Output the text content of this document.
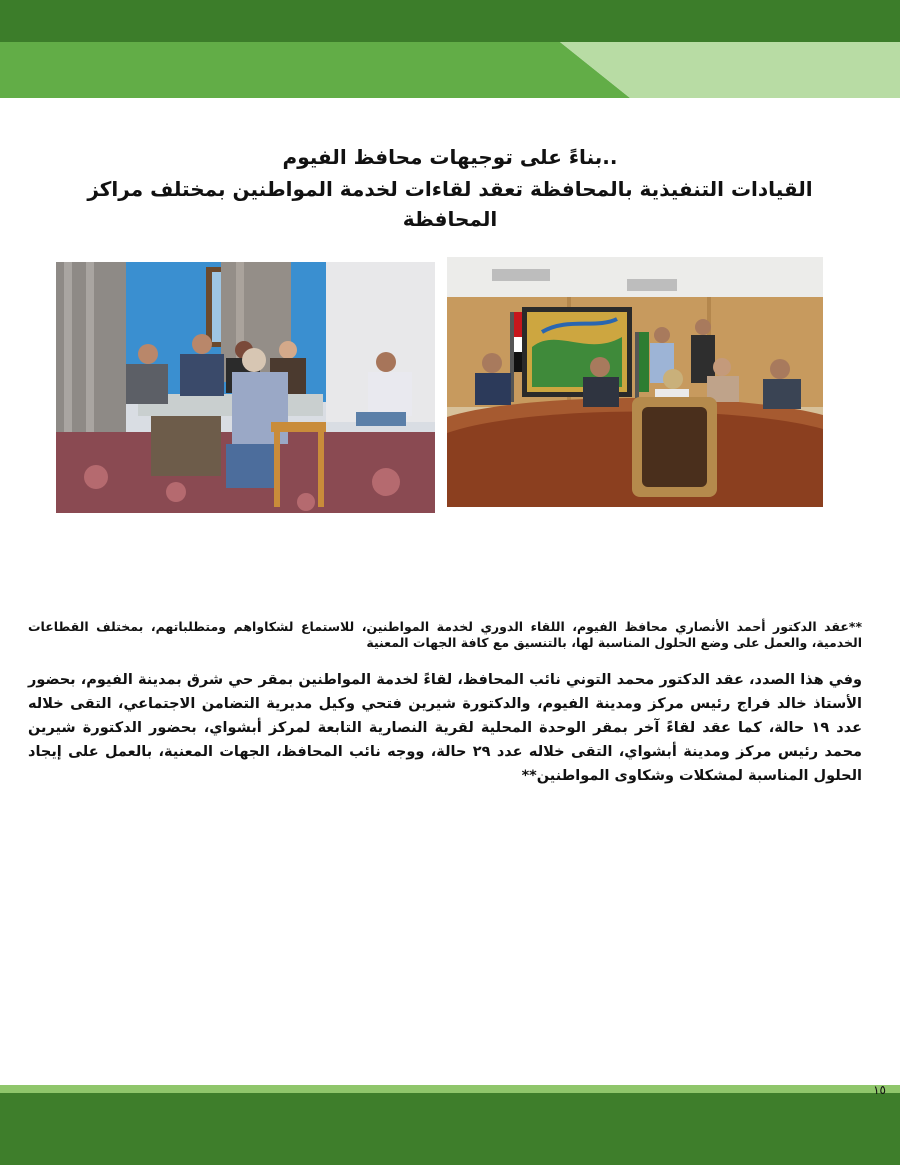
..بناءً على توجيهات محافظ الفيوم
القيادات التنفيذية بالمحافظة تعقد لقاءات لخدمة المواطنين بمختلف مراكز المحافظة
**عقد الدكتور أحمد الأنصاري محافظ الفيوم، اللقاء الدوري لخدمة المواطنين، للاستماع لشكاواهم ومتطلباتهم، بمختلف القطاعات الخدمية، والعمل على وضع الحلول المناسبة لها، بالتنسيق مع كافة الجهات المعنية
وفي هذا الصدد، عقد الدكتور محمد التوني نائب المحافظ، لقاءً لخدمة المواطنين بمقر حي شرق بمدينة الفيوم، بحضور الأستاذ خالد فراج رئيس مركز ومدينة الفيوم، والدكتورة شيرين فتحي وكيل مديرية التضامن الاجتماعي، التقى خلاله عدد ١٩ حالة، كما عقد لقاءً آخر بمقر الوحدة المحلية لقرية النصارية التابعة لمركز أبشواي، بحضور الدكتورة شيرين محمد رئيس مركز ومدينة أبشواي، التقى خلاله عدد ٢٩ حالة، ووجه نائب المحافظ، الجهات المعنية، بالعمل على إيجاد الحلول المناسبة لمشكلات وشكاوى المواطنين**
١٥
